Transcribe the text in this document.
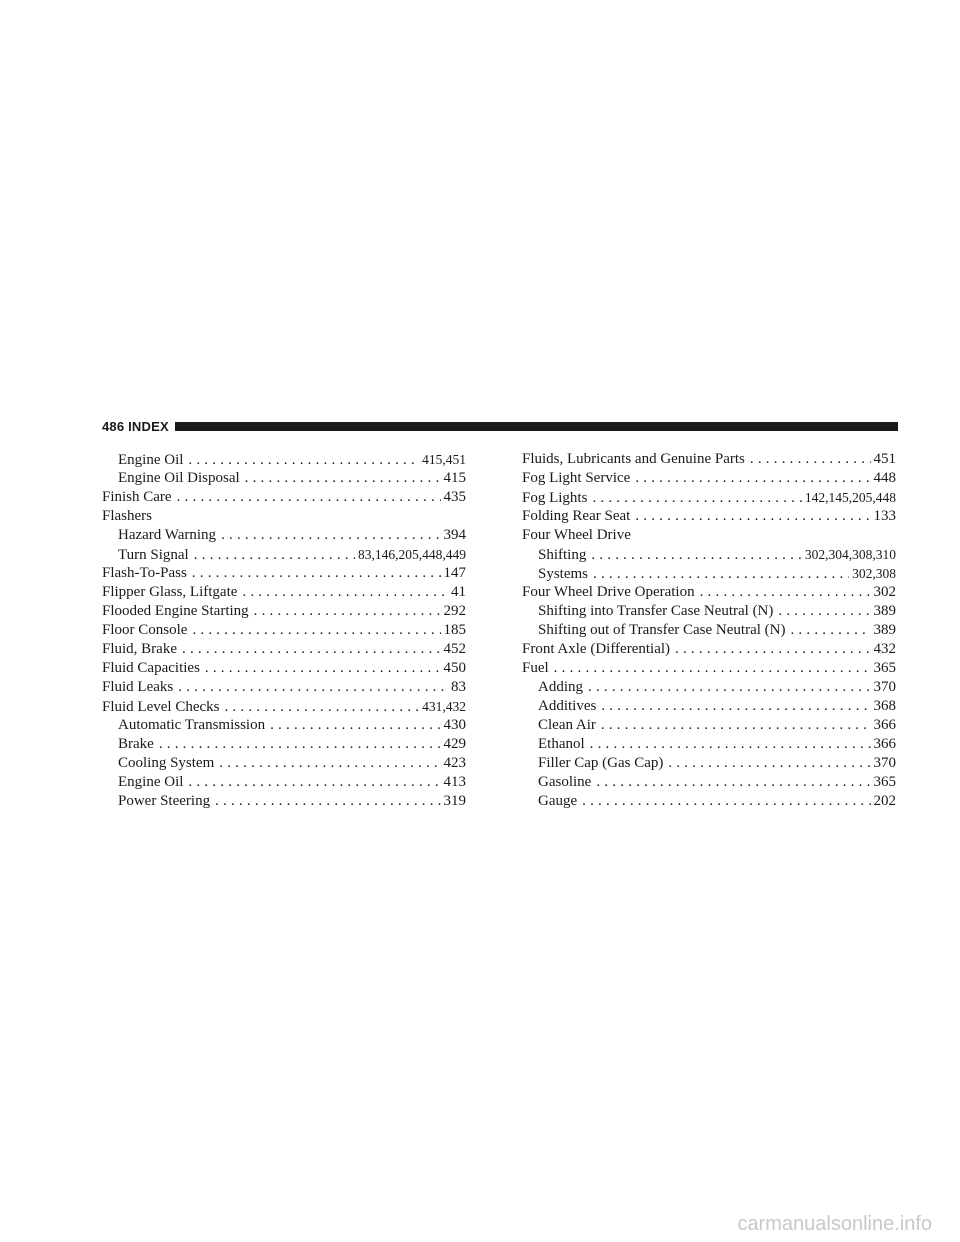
486 INDEX
Engine Oil .....	415,451
Engine Oil Disposal .....	415
Finish Care .....	435
Flashers
Hazard Warning .....	394
Turn Signal .....	83,146,205,448,449
Flash-To-Pass .....	147
Flipper Glass, Liftgate .....	41
Flooded Engine Starting .....	292
Floor Console .....	185
Fluid, Brake .....	452
Fluid Capacities .....	450
Fluid Leaks .....	83
Fluid Level Checks .....	431,432
Automatic Transmission .....	430
Brake .....	429
Cooling System .....	423
Engine Oil .....	413
Power Steering .....	319
Fluids, Lubricants and Genuine Parts .....	451
Fog Light Service .....	448
Fog Lights .....	142,145,205,448
Folding Rear Seat .....	133
Four Wheel Drive
Shifting .....	302,304,308,310
Systems .....	302,308
Four Wheel Drive Operation .....	302
Shifting into Transfer Case Neutral (N) .....	389
Shifting out of Transfer Case Neutral (N) .....	389
Front Axle (Differential) .....	432
Fuel .....	365
Adding .....	370
Additives .....	368
Clean Air .....	366
Ethanol .....	366
Filler Cap (Gas Cap) .....	370
Gasoline .....	365
Gauge .....	202
carmanualsonline.info
